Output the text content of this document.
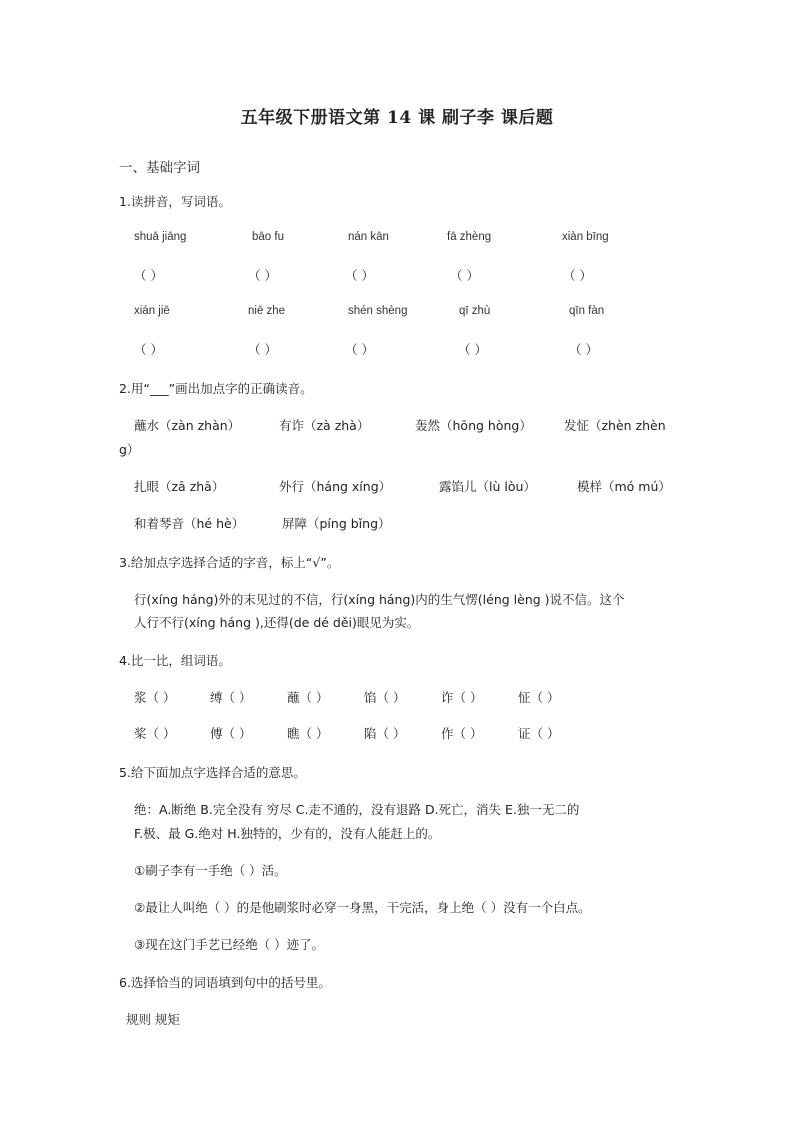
五年级下册语文第 14 课 刷子李 课后题
一、基础字词
1.读拼音，写词语。
shuā jiāng	bāo fu	nán kān	fā zhèng	xiàn bīng
（ ）	（ ）	（ ）	（ ）	（ ）
xián jiē	niē zhe	shén shèng	qī zhù	qīn fàn
（ ）	（ ）	（ ）	（ ）	（ ）
2.用“___”画出加点字的正确读音。
蘸水（zàn zhàn）	有诈（zà zhà）	轰然（hōng hòng）	发怔（zhèn zhèn
g）
扎眼（zā zhā）	外行（háng xíng）	露馅儿（lù lòu）	模样（mó mú）
和着琴音（hé hè）	屏障（píng bǐng）
3.给加点字选择合适的字音，标上“√”。
行(xíng háng)外的末见过的不信，行(xíng háng)内的生气愣(léng lèng )说不信。这个
人行不行(xíng háng ),还得(de dé děi)眼见为实。
4.比一比，组词语。
浆（ ）	缚（ ）	蘸（ ）	馅（ ）	诈（ ）	怔（ ）
桨（ ）	傅（ ）	瞧（ ）	陷（ ）	作（ ）	证（ ）
5.给下面加点字选择合适的意思。
绝：A.断绝 B.完全没有 穷尽 C.走不通的，没有退路 D.死亡，消失 E.独一无二的
F.极、最 G.绝对 H.独特的，少有的，没有人能赶上的。
①刷子李有一手绝（ ）活。
②最让人叫绝（ ）的是他刷浆时必穿一身黑，干完活，身上绝（ ）没有一个白点。
③现在这门手艺已经绝（ ）迹了。
6.选择恰当的词语填到句中的括号里。
规则 规矩
